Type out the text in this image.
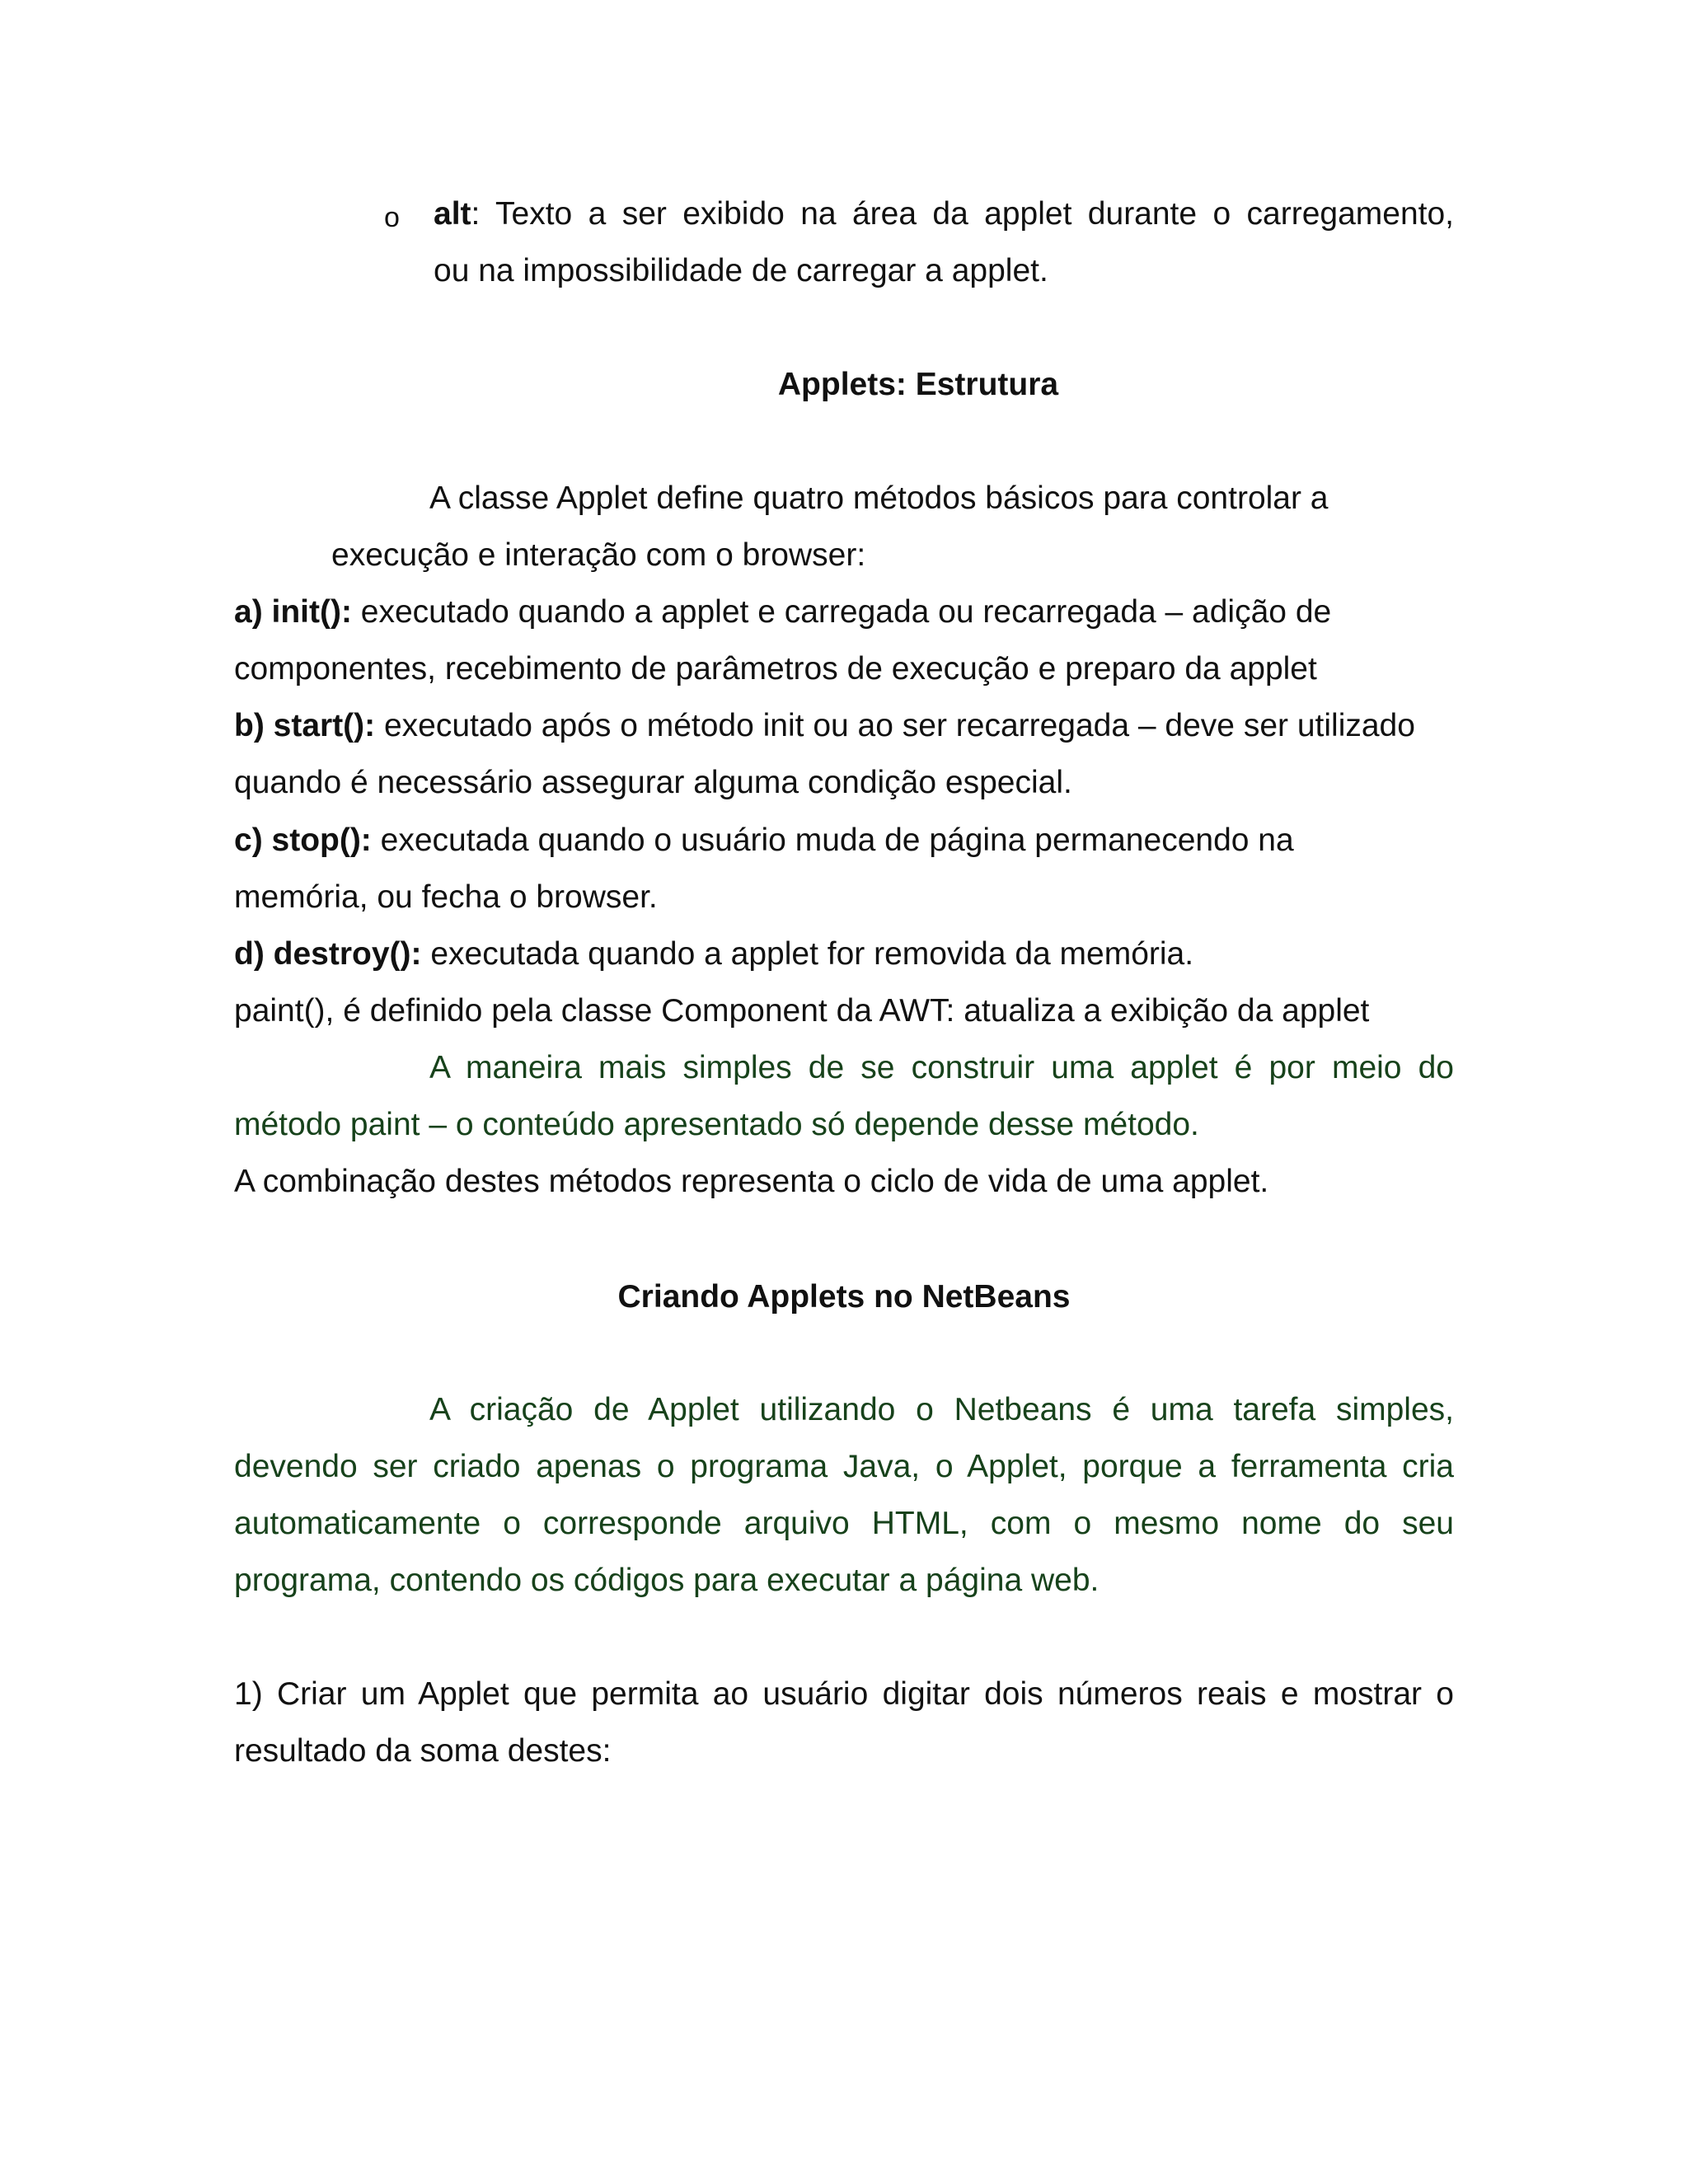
o alt: Texto a ser exibido na área da applet durante o carregamento,
ou na impossibilidade de carregar a applet.
Applets: Estrutura
A classe Applet define quatro métodos básicos para controlar a
execução e interação com o browser:
a) init(): executado quando a applet e carregada ou recarregada – adição de
componentes, recebimento de parâmetros de execução e preparo da applet
b) start(): executado após o método init ou ao ser recarregada – deve ser utilizado
quando é necessário assegurar alguma condição especial.
c) stop(): executada quando o usuário muda de página permanecendo na
memória, ou fecha o browser.
d) destroy(): executada quando a applet for removida da memória.
paint(), é definido pela classe Component da AWT: atualiza a exibição da applet
A maneira mais simples de se construir uma applet é por meio do
método paint – o conteúdo apresentado só depende desse método.
A combinação destes métodos representa o ciclo de vida de uma applet.
Criando Applets no NetBeans
A criação de Applet utilizando o Netbeans é uma tarefa simples,
devendo ser criado apenas o programa Java, o Applet, porque a ferramenta cria
automaticamente o corresponde arquivo HTML, com o mesmo nome do seu
programa, contendo os códigos para executar a página web.
1) Criar um Applet que permita ao usuário digitar dois números reais e mostrar o
resultado da soma destes:
